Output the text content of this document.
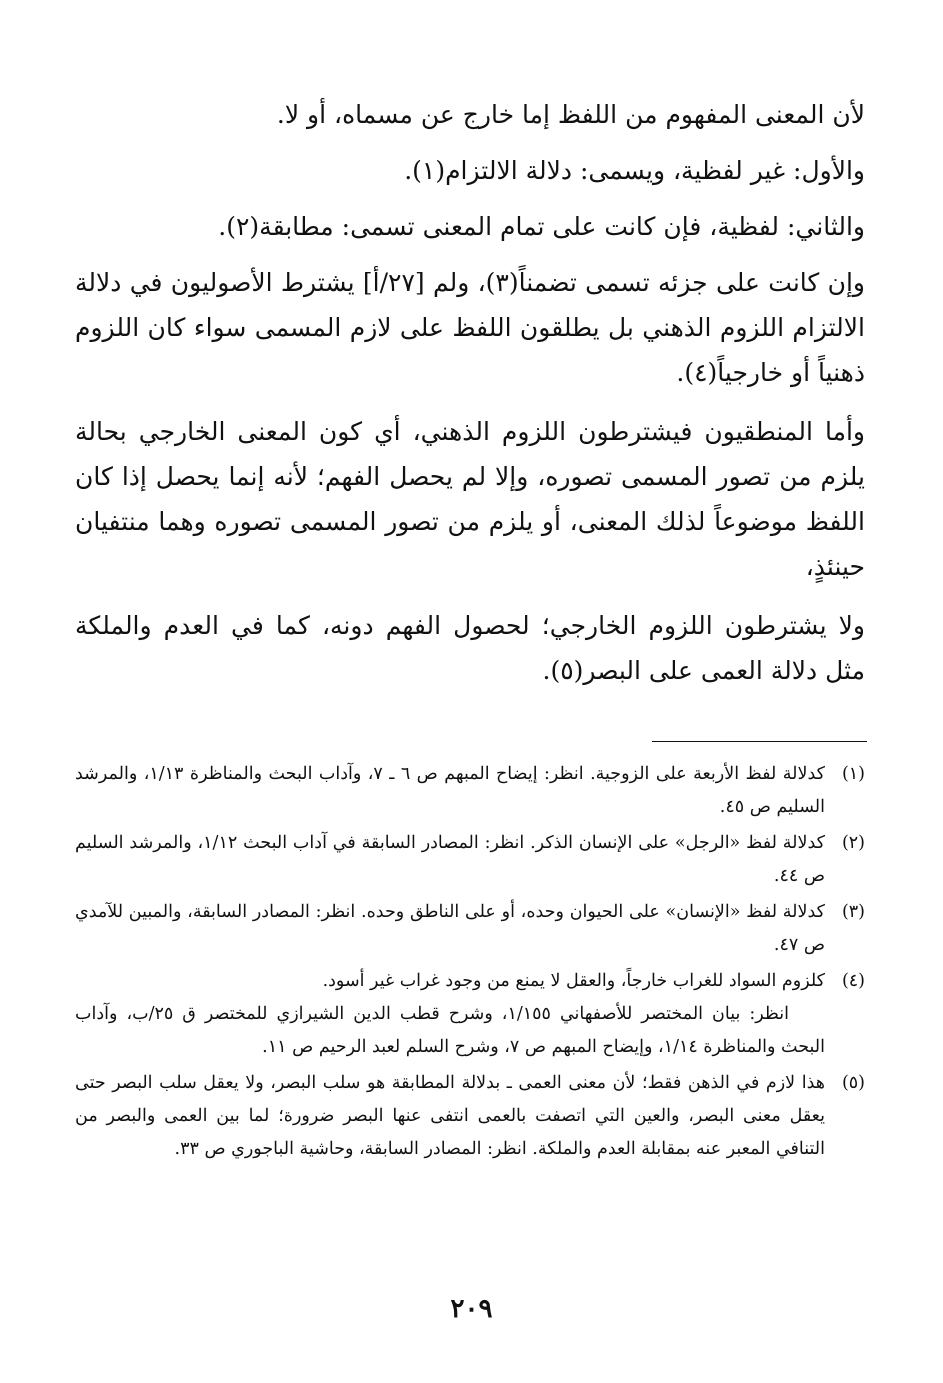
لأن المعنى المفهوم من اللفظ إما خارج عن مسماه، أو لا.

والأول: غير لفظية، ويسمى: دلالة الالتزام(١).

والثاني: لفظية، فإن كانت على تمام المعنى تسمى: مطابقة(٢).

وإن كانت على جزئه تسمى تضمناً(٣)، ولم [٢٧/أ] يشترط الأصوليون في دلالة الالتزام اللزوم الذهني بل يطلقون اللفظ على لازم المسمى سواء كان اللزوم ذهنياً أو خارجياً(٤).

وأما المنطقيون فيشترطون اللزوم الذهني، أي كون المعنى الخارجي بحالة يلزم من تصور المسمى تصوره، وإلا لم يحصل الفهم؛ لأنه إنما يحصل إذا كان اللفظ موضوعاً لذلك المعنى، أو يلزم من تصور المسمى تصوره وهما منتفيان حينئذٍ،

ولا يشترطون اللزوم الخارجي؛ لحصول الفهم دونه، كما في العدم والملكة مثل دلالة العمى على البصر(٥).

(١)
كدلالة لفظ الأربعة على الزوجية. انظر: إيضاح المبهم ص ٦ ـ ٧، وآداب البحث والمناظرة ١/١٣، والمرشد السليم ص ٤٥.
(٢)
كدلالة لفظ «الرجل» على الإنسان الذكر. انظر: المصادر السابقة في آداب البحث ١/١٢، والمرشد السليم ص ٤٤.
(٣)
كدلالة لفظ «الإنسان» على الحيوان وحده، أو على الناطق وحده. انظر: المصادر السابقة، والمبين للآمدي ص ٤٧.
(٤)
كلزوم السواد للغراب خارجاً، والعقل لا يمنع من وجود غراب غير أسود.
انظر: بيان المختصر للأصفهاني ١/١٥٥، وشرح قطب الدين الشيرازي للمختصر ق ٢٥/ب، وآداب البحث والمناظرة ١/١٤، وإيضاح المبهم ص ٧، وشرح السلم لعبد الرحيم ص ١١.
(٥)
هذا لازم في الذهن فقط؛ لأن معنى العمى ـ بدلالة المطابقة هو سلب البصر، ولا يعقل سلب البصر حتى يعقل معنى البصر، والعين التي اتصفت بالعمى انتفى عنها البصر ضرورة؛ لما بين العمى والبصر من التنافي المعبر عنه بمقابلة العدم والملكة. انظر: المصادر السابقة، وحاشية الباجوري ص ٣٣.
٢٠٩
